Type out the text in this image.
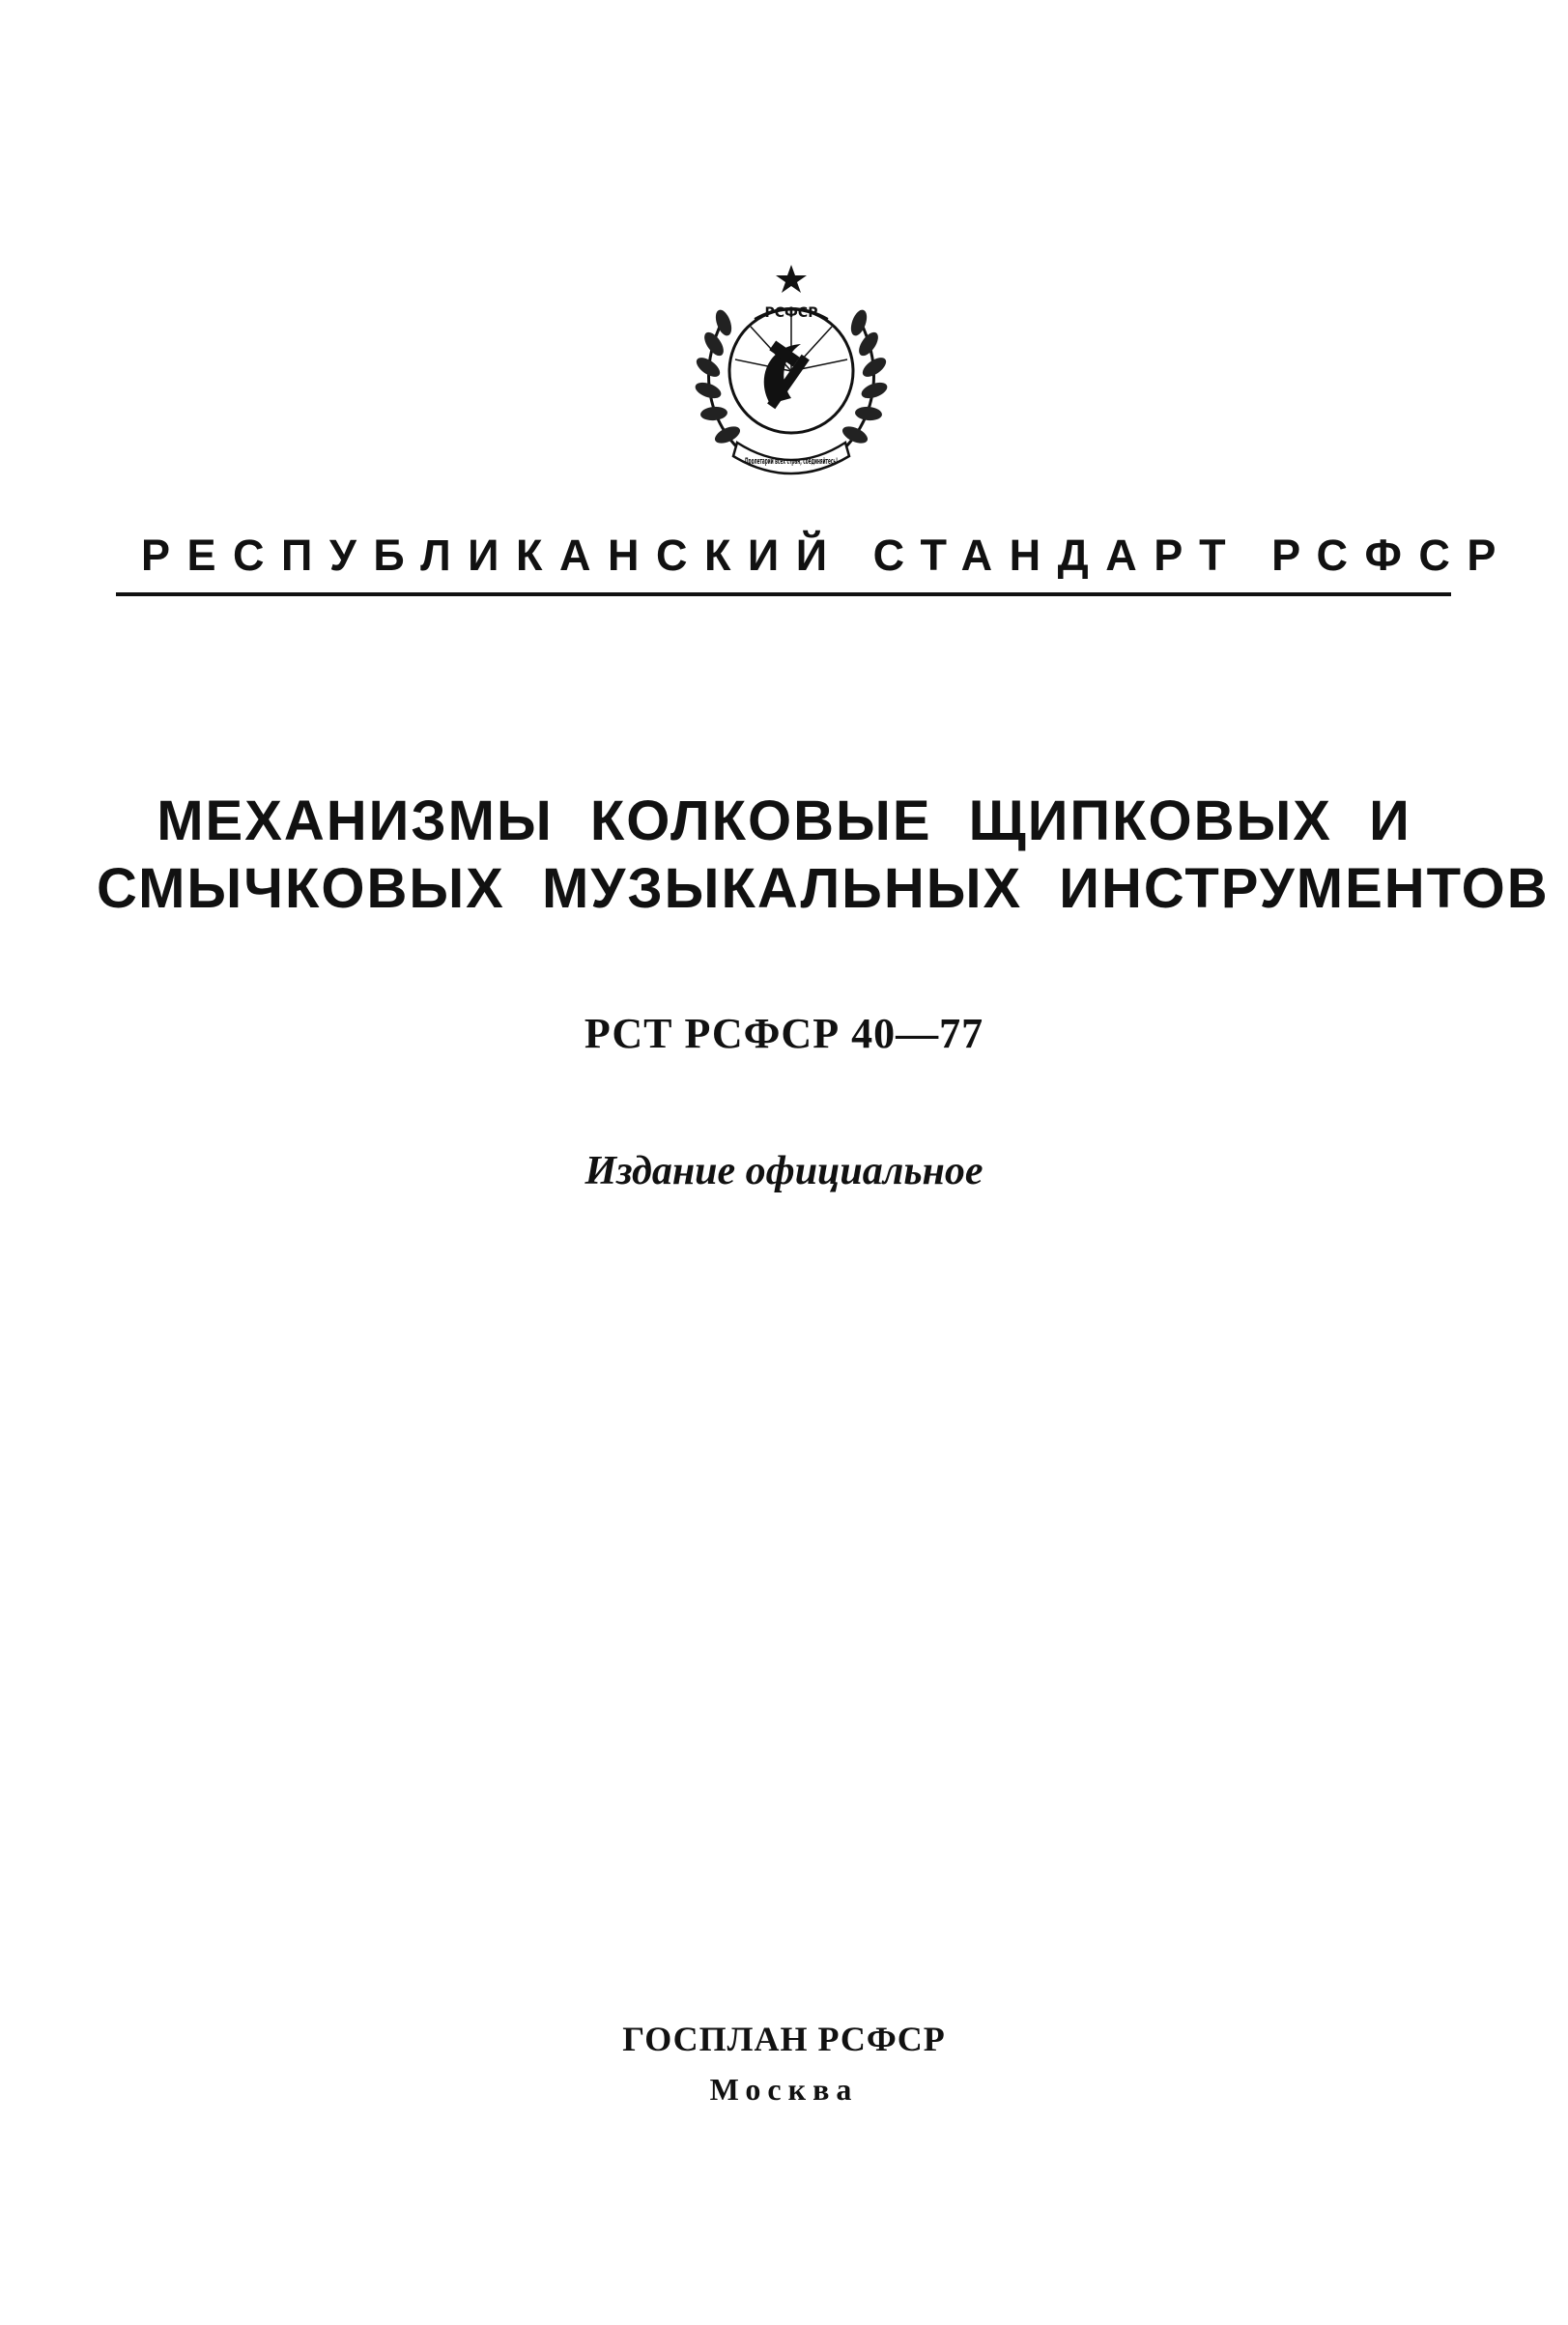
РСФСР
Пролетарии всех стран, соединяйтесь!
РЕСПУБЛИКАНСКИЙ СТАНДАРТ РСФСР
МЕХАНИЗМЫ КОЛКОВЫЕ ЩИПКОВЫХ И
СМЫЧКОВЫХ МУЗЫКАЛЬНЫХ ИНСТРУМЕНТОВ
РСТ РСФСР 40—77
Издание официальное
ГОСПЛАН РСФСР
Москва
